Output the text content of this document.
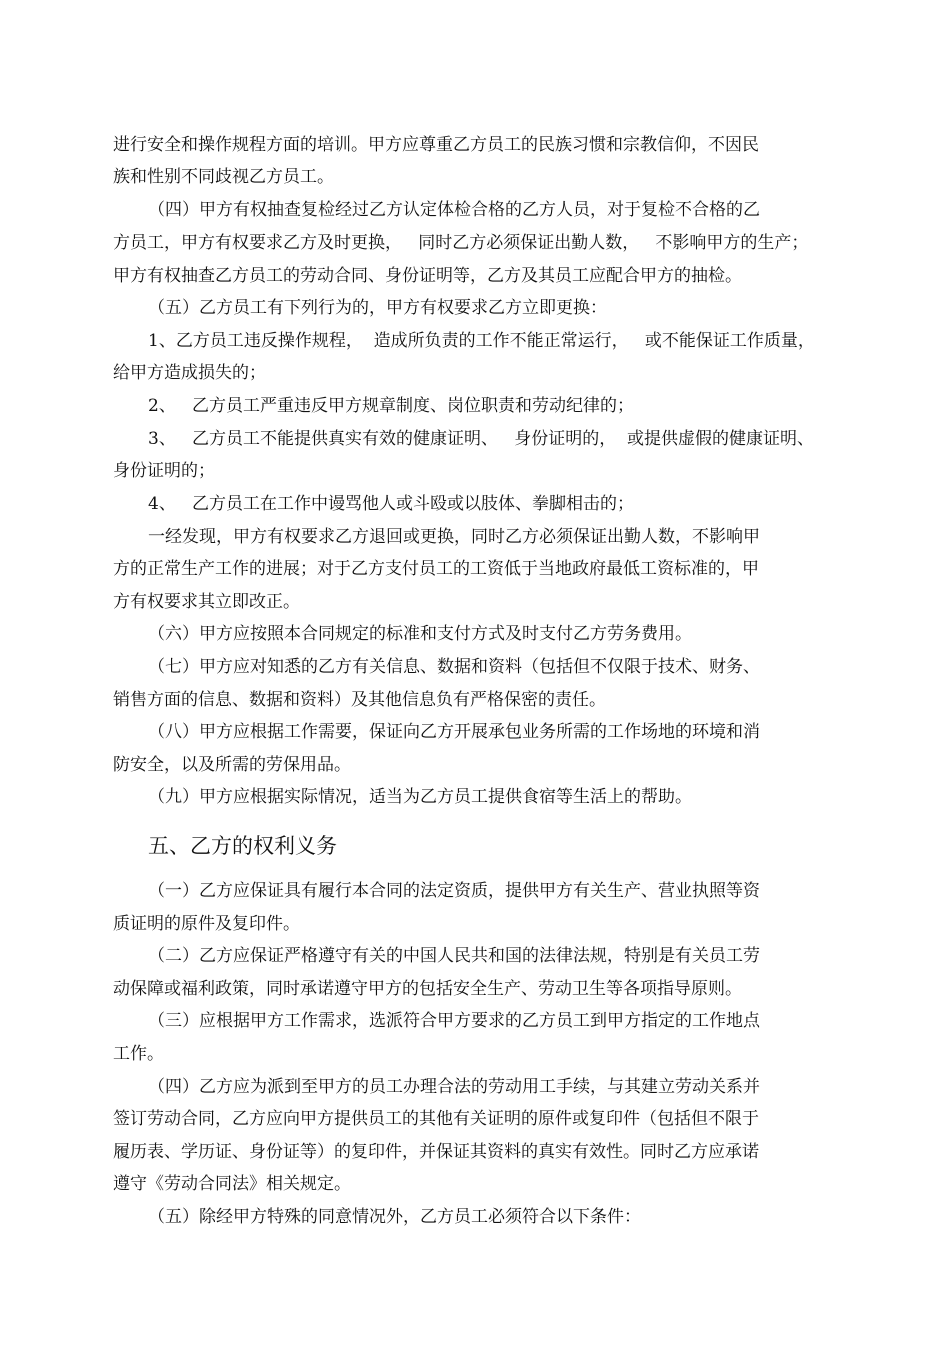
进行安全和操作规程方面的培训。甲方应尊重乙方员工的民族习惯和宗教信仰，不因民
族和性别不同歧视乙方员工。
（四）甲方有权抽查复检经过乙方认定体检合格的乙方人员，对于复检不合格的乙
方员工，甲方有权要求乙方及时更换，   同时乙方必须保证出勤人数，   不影响甲方的生产；
甲方有权抽查乙方员工的劳动合同、身份证明等，乙方及其员工应配合甲方的抽检。
（五）乙方员工有下列行为的，甲方有权要求乙方立即更换：
1、乙方员工违反操作规程，  造成所负责的工作不能正常运行，   或不能保证工作质量，
给甲方造成损失的；
2、   乙方员工严重违反甲方规章制度、岗位职责和劳动纪律的；
3、   乙方员工不能提供真实有效的健康证明、   身份证明的，  或提供虚假的健康证明、
身份证明的；
4、   乙方员工在工作中谩骂他人或斗殴或以肢体、拳脚相击的；
一经发现，甲方有权要求乙方退回或更换，同时乙方必须保证出勤人数，不影响甲
方的正常生产工作的进展；对于乙方支付员工的工资低于当地政府最低工资标准的，甲
方有权要求其立即改正。
（六）甲方应按照本合同规定的标准和支付方式及时支付乙方劳务费用。
（七）甲方应对知悉的乙方有关信息、数据和资料（包括但不仅限于技术、财务、
销售方面的信息、数据和资料）及其他信息负有严格保密的责任。
（八）甲方应根据工作需要，保证向乙方开展承包业务所需的工作场地的环境和消
防安全，以及所需的劳保用品。
（九）甲方应根据实际情况，适当为乙方员工提供食宿等生活上的帮助。
五、乙方的权利义务
（一）乙方应保证具有履行本合同的法定资质，提供甲方有关生产、营业执照等资
质证明的原件及复印件。
（二）乙方应保证严格遵守有关的中国人民共和国的法律法规，特别是有关员工劳
动保障或福利政策，同时承诺遵守甲方的包括安全生产、劳动卫生等各项指导原则。
（三）应根据甲方工作需求，选派符合甲方要求的乙方员工到甲方指定的工作地点
工作。
（四）乙方应为派到至甲方的员工办理合法的劳动用工手续，与其建立劳动关系并
签订劳动合同，乙方应向甲方提供员工的其他有关证明的原件或复印件（包括但不限于
履历表、学历证、身份证等）的复印件，并保证其资料的真实有效性。同时乙方应承诺
遵守《劳动合同法》相关规定。
（五）除经甲方特殊的同意情况外，乙方员工必须符合以下条件：
